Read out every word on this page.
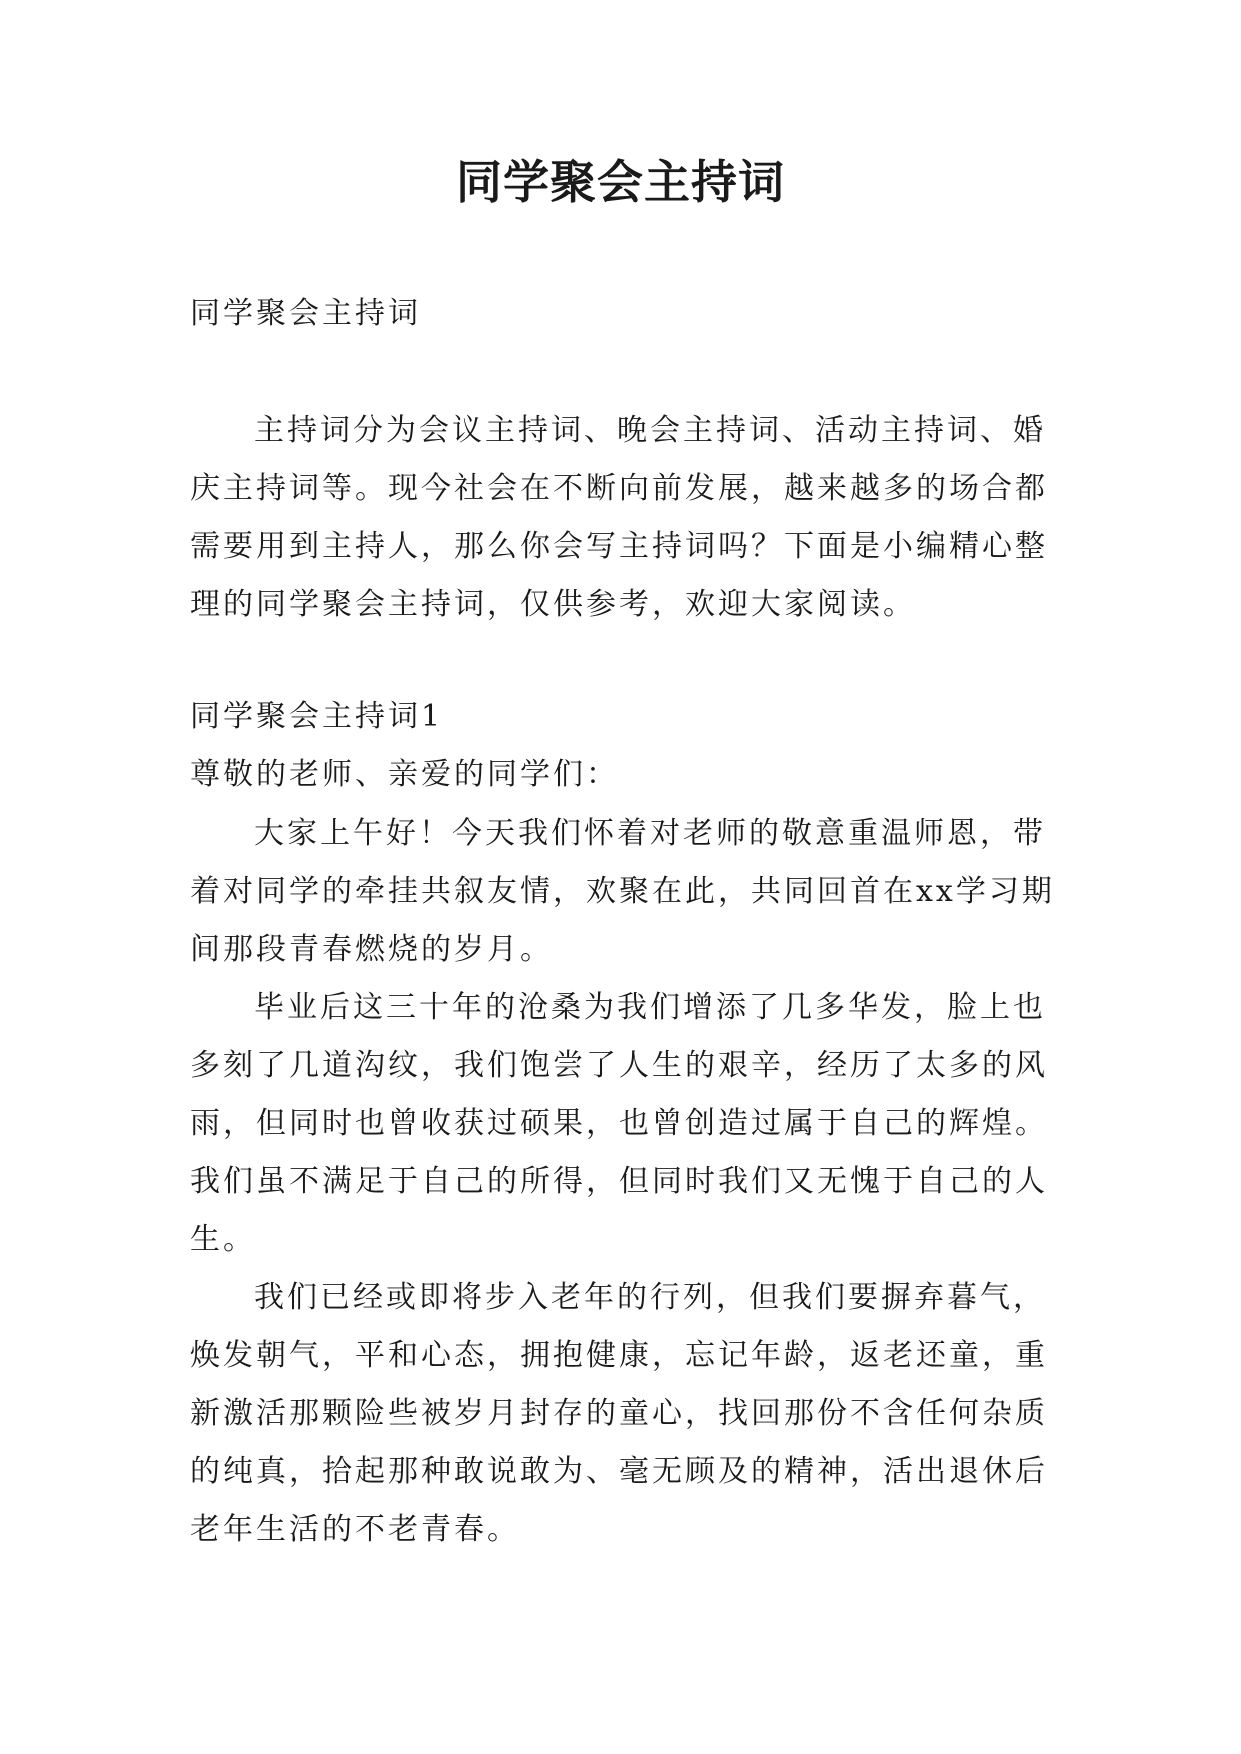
同学聚会主持词

同学聚会主持词

主持词分为会议主持词、晚会主持词、活动主持词、婚庆主持词等。现今社会在不断向前发展，越来越多的场合都需要用到主持人，那么你会写主持词吗？下面是小编精心整理的同学聚会主持词，仅供参考，欢迎大家阅读。

同学聚会主持词1

尊敬的老师、亲爱的同学们：

大家上午好！今天我们怀着对老师的敬意重温师恩，带着对同学的牵挂共叙友情，欢聚在此，共同回首在xx学习期间那段青春燃烧的岁月。

毕业后这三十年的沧桑为我们增添了几多华发，脸上也多刻了几道沟纹，我们饱尝了人生的艰辛，经历了太多的风雨，但同时也曾收获过硕果，也曾创造过属于自己的辉煌。我们虽不满足于自己的所得，但同时我们又无愧于自己的人生。

我们已经或即将步入老年的行列，但我们要摒弃暮气，焕发朝气，平和心态，拥抱健康，忘记年龄，返老还童，重新激活那颗险些被岁月封存的童心，找回那份不含任何杂质的纯真，拾起那种敢说敢为、毫无顾及的精神，活出退休后老年生活的不老青春。
